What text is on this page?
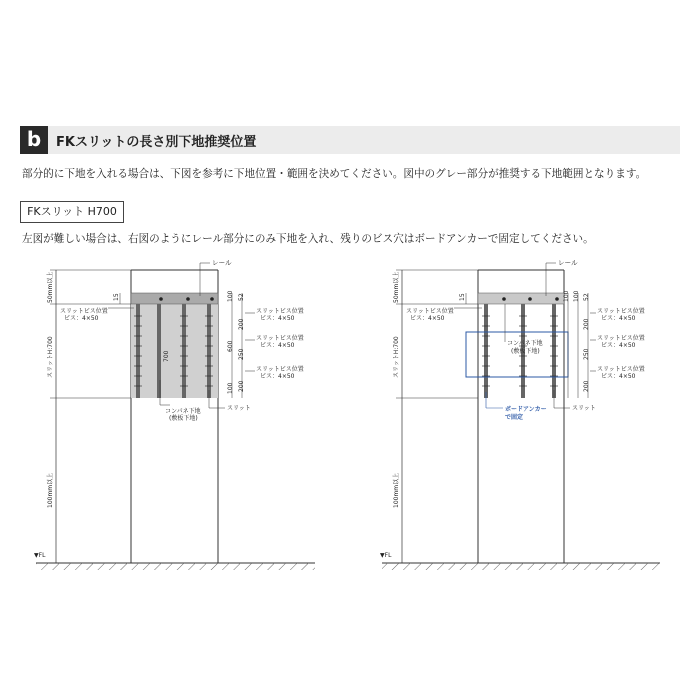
b	FKスリットの長さ別下地推奨位置
部分的に下地を入れる場合は、下図を参考に下地位置・範囲を決めてください。図中のグレー部分が推奨する下地範囲となります。
FKスリット H700
左図が難しい場合は、右図のようにレール部分にのみ下地を入れ、残りのビス穴はボードアンカーで固定してください。
50mm以上
スリットH:700
100mm以上
▼FL
15
スリットビス位置
ビス：4×50
700
レール
100 52
200
600
250
200
100
スリットビス位置
ビス：4×50
スリットビス位置
ビス：4×50
スリットビス位置
ビス：4×50
コンパネ下地
(敷板下地)
スリット
50mm以上
スリットH:700
100mm以上
▼FL
15
スリットビス位置
ビス：4×50
レール
100 100 52
200
250
200
スリットビス位置
ビス：4×50
スリットビス位置
ビス：4×50
スリットビス位置
ビス：4×50
コンパネ下地
(敷板下地)
ボードアンカー
で固定
スリット
